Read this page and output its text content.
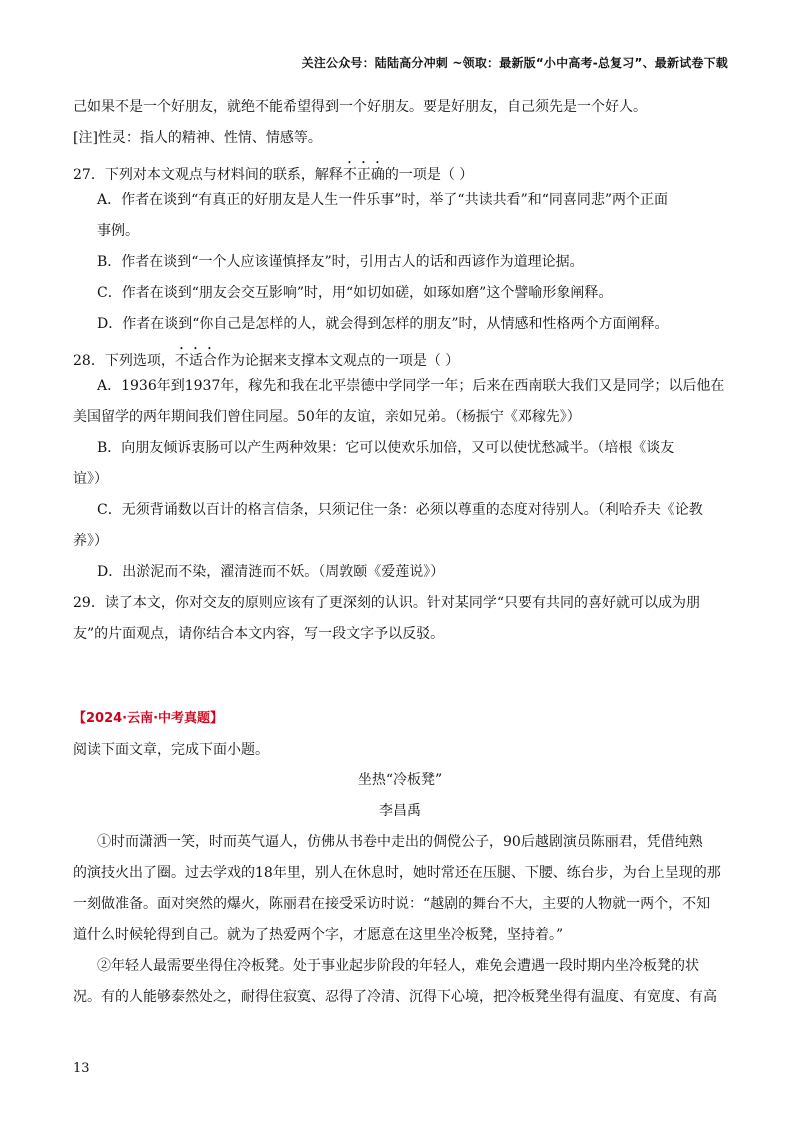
关注公众号：陆陆高分冲刺 ~领取：最新版“小中高考-总复习”、最新试卷下载
己如果不是一个好朋友，就绝不能希望得到一个好朋友。要是好朋友，自己须先是一个好人。
[注]性灵：指人的精神、性情、情感等。
27．下列对本文观点与材料间的联系，解释不正确的一项是（ ）
A．作者在谈到“有真正的好朋友是人生一件乐事”时，举了“共读共看”和“同喜同悲”两个正面
事例。
B．作者在谈到“一个人应该谨慎择友”时，引用古人的话和西谚作为道理论据。
C．作者在谈到“朋友会交互影响”时，用“如切如磋，如琢如磨”这个譬喻形象阐释。
D．作者在谈到“你自己是怎样的人，就会得到怎样的朋友”时，从情感和性格两个方面阐释。
28．下列选项，不适合作为论据来支撑本文观点的一项是（ ）
A．1936年到1937年，稼先和我在北平崇德中学同学一年；后来在西南联大我们又是同学；以后他在
美国留学的两年期间我们曾住同屋。50年的友谊，亲如兄弟。（杨振宁《邓稼先》）
B．向朋友倾诉衷肠可以产生两种效果：它可以使欢乐加倍，又可以使忧愁减半。（培根《谈友
谊》）
C．无须背诵数以百计的格言信条，只须记住一条：必须以尊重的态度对待别人。（利哈乔夫《论教
养》）
D．出淤泥而不染，濯清涟而不妖。（周敦颐《爱莲说》）
29．读了本文，你对交友的原则应该有了更深刻的认识。针对某同学“只要有共同的喜好就可以成为朋
友”的片面观点，请你结合本文内容，写一段文字予以反驳。
【2024·云南·中考真题】
阅读下面文章，完成下面小题。
坐热“冷板凳”
李昌禹
①时而潇洒一笑，时而英气逼人，仿佛从书卷中走出的倜傥公子，90后越剧演员陈丽君，凭借纯熟
的演技火出了圈。过去学戏的18年里，别人在休息时，她时常还在压腿、下腰、练台步，为台上呈现的那
一刻做准备。面对突然的爆火，陈丽君在接受采访时说：“越剧的舞台不大，主要的人物就一两个，不知
道什么时候轮得到自己。就为了热爱两个字，才愿意在这里坐冷板凳，坚持着。”
②年轻人最需要坐得住冷板凳。处于事业起步阶段的年轻人，难免会遭遇一段时期内坐冷板凳的状
况。有的人能够泰然处之，耐得住寂寞、忍得了冷清、沉得下心境，把冷板凳坐得有温度、有宽度、有高
13
